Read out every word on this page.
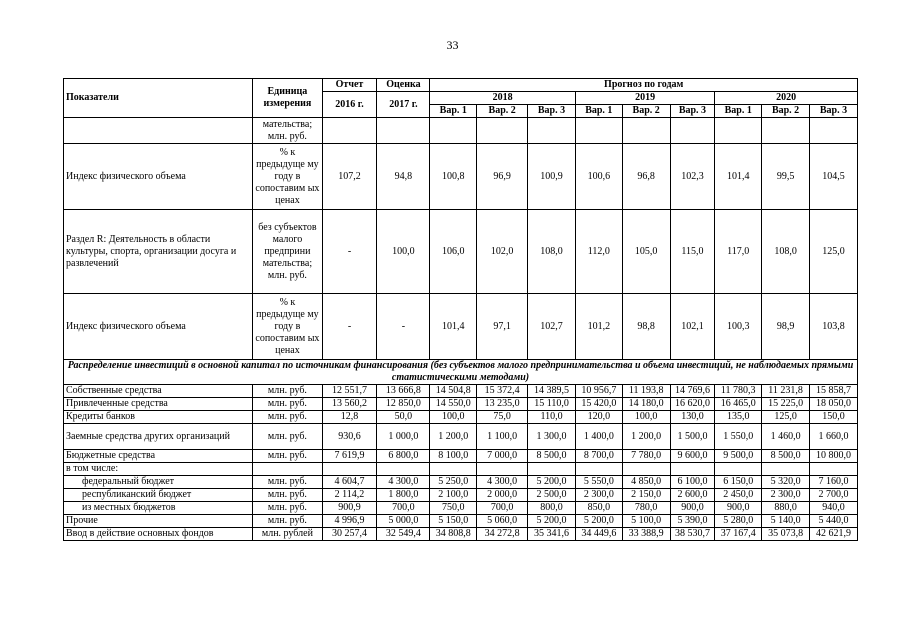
33
Показатели	Единица измерения	Отчет	Оценка	Прогноз по годам								
		2016 г.	2017 г.	2018			2019			2020		
				Вар. 1	Вар. 2	Вар. 3	Вар. 1	Вар. 2	Вар. 3	Вар. 1	Вар. 2	Вар. 3
	мательства; млн. руб.											
Индекс физического объема	% к предыдуще му году в сопоставим ых ценах	107,2	94,8	100,8	96,9	100,9	100,6	96,8	102,3	101,4	99,5	104,5
Раздел R: Деятельность в области культуры, спорта, организации досуга и развлечений	без субъектов малого предприни мательства; млн. руб.	-	100,0	106,0	102,0	108,0	112,0	105,0	115,0	117,0	108,0	125,0
Индекс физического объема	% к предыдуще му году в сопоставим ых ценах	-	-	101,4	97,1	102,7	101,2	98,8	102,1	100,3	98,9	103,8
Распределение инвестиций в основной капитал по источникам финансирования (без субъектов малого предпринимательства и объема инвестиций, не наблюдаемых прямыми статистическими методами)												
Собственные средства	млн. руб.	12 551,7	13 666,8	14 504,8	15 372,4	14 389,5	10 956,7	11 193,8	14 769,6	11 780,3	11 231,8	15 858,7
Привлеченные средства	млн. руб.	13 560,2	12 850,0	14 550,0	13 235,0	15 110,0	15 420,0	14 180,0	16 620,0	16 465,0	15 225,0	18 050,0
Кредиты банков	млн. руб.	12,8	50,0	100,0	75,0	110,0	120,0	100,0	130,0	135,0	125,0	150,0
Заемные средства других организаций	млн. руб.	930,6	1 000,0	1 200,0	1 100,0	1 300,0	1 400,0	1 200,0	1 500,0	1 550,0	1 460,0	1 660,0
Бюджетные средства	млн. руб.	7 619,9	6 800,0	8 100,0	7 000,0	8 500,0	8 700,0	7 780,0	9 600,0	9 500,0	8 500,0	10 800,0
в том числе:												
федеральный бюджет	млн. руб.	4 604,7	4 300,0	5 250,0	4 300,0	5 200,0	5 550,0	4 850,0	6 100,0	6 150,0	5 320,0	7 160,0
республиканский бюджет	млн. руб.	2 114,2	1 800,0	2 100,0	2 000,0	2 500,0	2 300,0	2 150,0	2 600,0	2 450,0	2 300,0	2 700,0
из местных бюджетов	млн. руб.	900,9	700,0	750,0	700,0	800,0	850,0	780,0	900,0	900,0	880,0	940,0
Прочие	млн. руб.	4 996,9	5 000,0	5 150,0	5 060,0	5 200,0	5 200,0	5 100,0	5 390,0	5 280,0	5 140,0	5 440,0
Ввод в действие основных фондов	млн. рублей	30 257,4	32 549,4	34 808,8	34 272,8	35 341,6	34 449,6	33 388,9	38 530,7	37 167,4	35 073,8	42 621,9
